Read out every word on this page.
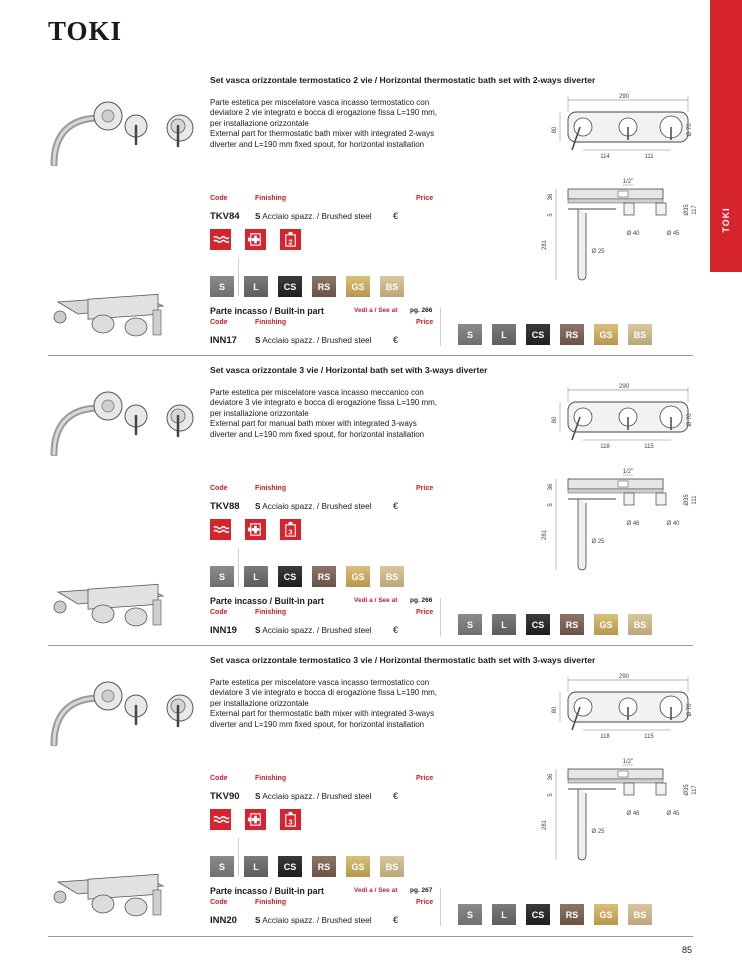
TOKI
TOKI
Set vasca orizzontale termostatico 2 vie / Horizontal thermostatic bath set with 2-ways diverter

Parte estetica per miscelatore vasca incasso termostatico con deviatore 2 vie integrato e bocca di erogazione fissa L=190 mm, per installazione orizzontale

External part for thermostatic bath mixer with integrated 2-ways diverter and L=190 mm fixed spout, for horizontal installation

290
80
114	111
Ø 70
1/2"
36
5
281
Ø 25
Ø 40	Ø 45
Ø35 117
Code	Finishing	Price
TKV84 S Acciaio spazz. / Brushed steel €
2
S	L	CS	RS	GS	BS
Parte incasso / Built-in part	Vedi a / See at pg. 266
Code	Finishing	Price
INN17 S Acciaio spazz. / Brushed steel €
S	L	CS	RS	GS	BS
Set vasca orizzontale 3 vie / Horizontal bath set with 3-ways diverter

Parte estetica per miscelatore vasca incasso meccanico con deviatore 3 vie integrato e bocca di erogazione fissa L=190 mm, per installazione orizzontale

External part for manual bath mixer with integrated 3-ways diverter and L=190 mm fixed spout, for horizontal installation

290
80
118	115
Ø 70
1/2"
36
5
281
Ø 25
Ø 46	Ø 40
Ø35 111
Code	Finishing	Price
TKV88 S Acciaio spazz. / Brushed steel €
3
S	L	CS	RS	GS	BS
Parte incasso / Built-in part	Vedi a / See at pg. 266
Code	Finishing	Price
INN19 S Acciaio spazz. / Brushed steel €
S	L	CS	RS	GS	BS
Set vasca orizzontale termostatico 3 vie / Horizontal thermostatic bath set with 3-ways diverter

Parte estetica per miscelatore vasca incasso termostatico con deviatore 3 vie integrato e bocca di erogazione fissa L=190 mm, per installazione orizzontale

External part for thermostatic bath mixer with integrated 3-ways diverter and L=190 mm fixed spout, for horizontal installation

290
80
118	115
Ø 70
1/2"
36
5
281
Ø 25
Ø 46	Ø 45
Ø35 117
Code	Finishing	Price
TKV90 S Acciaio spazz. / Brushed steel €
3
S	L	CS	RS	GS	BS
Parte incasso / Built-in part	Vedi a / See at pg. 267
Code	Finishing	Price
INN20 S Acciaio spazz. / Brushed steel €
S	L	CS	RS	GS	BS
85
